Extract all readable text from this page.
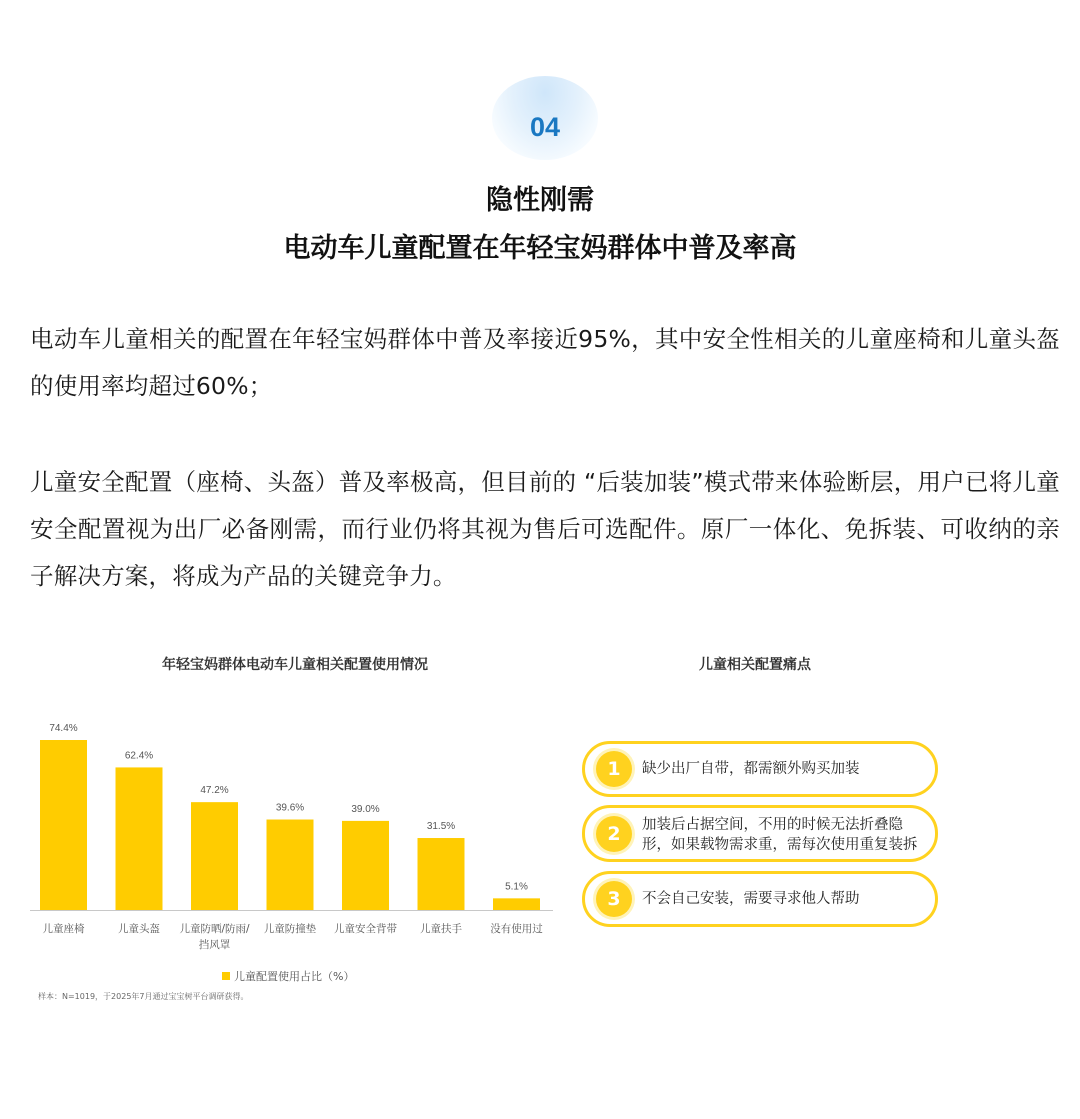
04
隐性刚需
电动车儿童配置在年轻宝妈群体中普及率高

电动车儿童相关的配置在年轻宝妈群体中普及率接近95%，其中安全性相关的儿童座椅和儿童头盔的使用率均超过60%；

儿童安全配置（座椅、头盔）普及率极高，但目前的 “后装加装”模式带来体验断层，用户已将儿童安全配置视为出厂必备刚需，而行业仍将其视为售后可选配件。原厂一体化、免拆装、可收纳的亲子解决方案，将成为产品的关键竞争力。

年轻宝妈群体电动车儿童相关配置使用情况	儿童相关配置痛点
74.4%
儿童座椅
62.4%
儿童头盔
47.2%
儿童防晒/防雨/
挡风罩
39.6%
儿童防撞垫
39.0%
儿童安全背带
31.5%
儿童扶手
5.1%
没有使用过
儿童配置使用占比（%）
样本：N=1019，于2025年7月通过宝宝树平台调研获得。
1	缺少出厂自带，都需额外购买加装
2	加装后占据空间，不用的时候无法折叠隐形，如果载物需求重，需每次使用重复装拆
3	不会自己安装，需要寻求他人帮助
